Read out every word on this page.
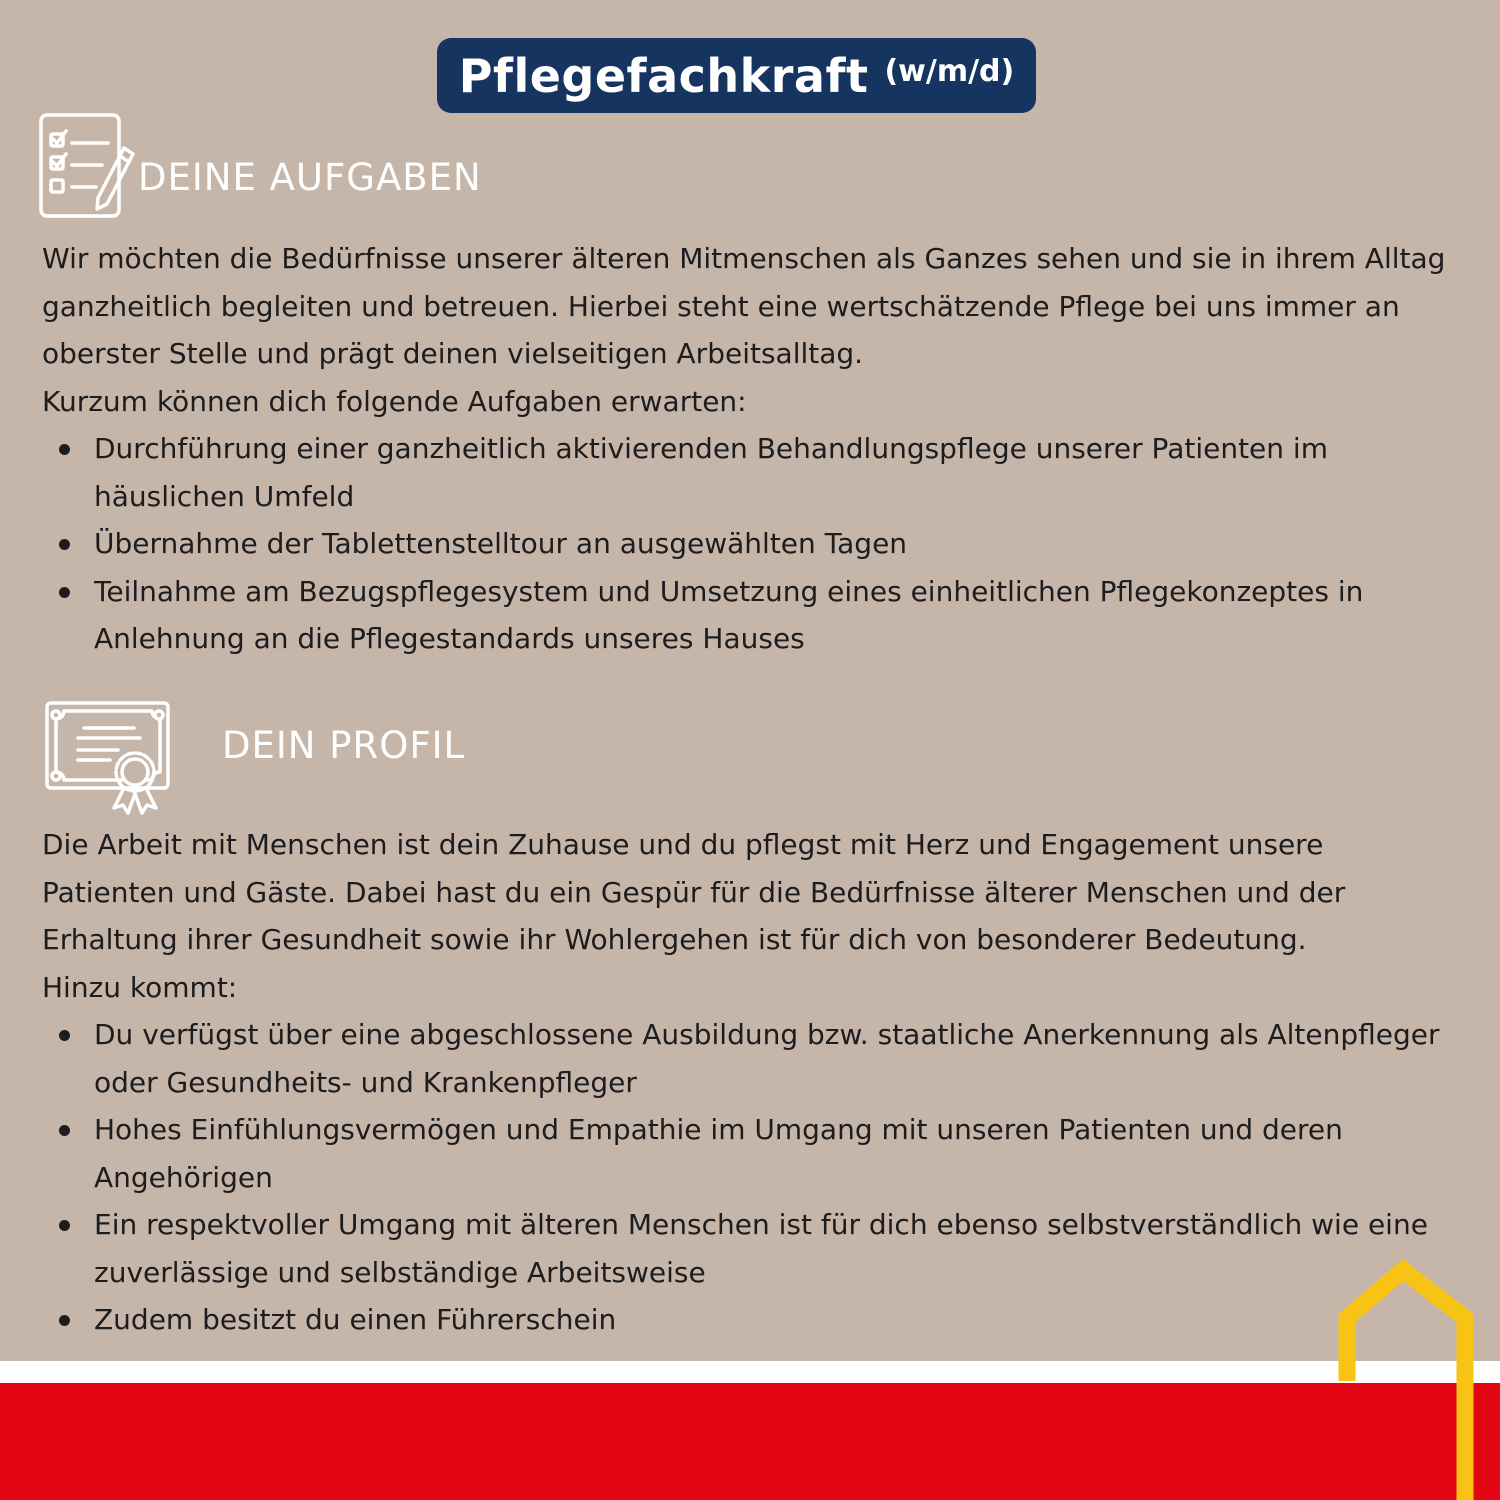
Pflegefachkraft (w/m/d)
DEINE AUFGABEN

Wir möchten die Bedürfnisse unserer älteren Mitmenschen als Ganzes sehen und sie in ihrem Alltag ganzheitlich begleiten und betreuen. Hierbei steht eine wertschätzende Pflege bei uns immer an oberster Stelle und prägt deinen vielseitigen Arbeitsalltag.

Kurzum können dich folgende Aufgaben erwarten:

Durchführung einer ganzheitlich aktivierenden Behandlungspflege unserer Patienten im häuslichen Umfeld
Übernahme der Tablettenstelltour an ausgewählten Tagen
Teilnahme am Bezugspflegesystem und Umsetzung eines einheitlichen Pflegekonzeptes in Anlehnung an die Pflegestandards unseres Hauses
DEIN PROFIL

Die Arbeit mit Menschen ist dein Zuhause und du pflegst mit Herz und Engagement unsere Patienten und Gäste. Dabei hast du ein Gespür für die Bedürfnisse älterer Menschen und der Erhaltung ihrer Gesundheit sowie ihr Wohlergehen ist für dich von besonderer Bedeutung.

Hinzu kommt:

Du verfügst über eine abgeschlossene Ausbildung bzw. staatliche Anerkennung als Altenpfleger oder Gesundheits- und Krankenpfleger
Hohes Einfühlungsvermögen und Empathie im Umgang mit unseren Patienten und deren Angehörigen
Ein respektvoller Umgang mit älteren Menschen ist für dich ebenso selbstverständlich wie eine zuverlässige und selbständige Arbeitsweise
Zudem besitzt du einen Führerschein
